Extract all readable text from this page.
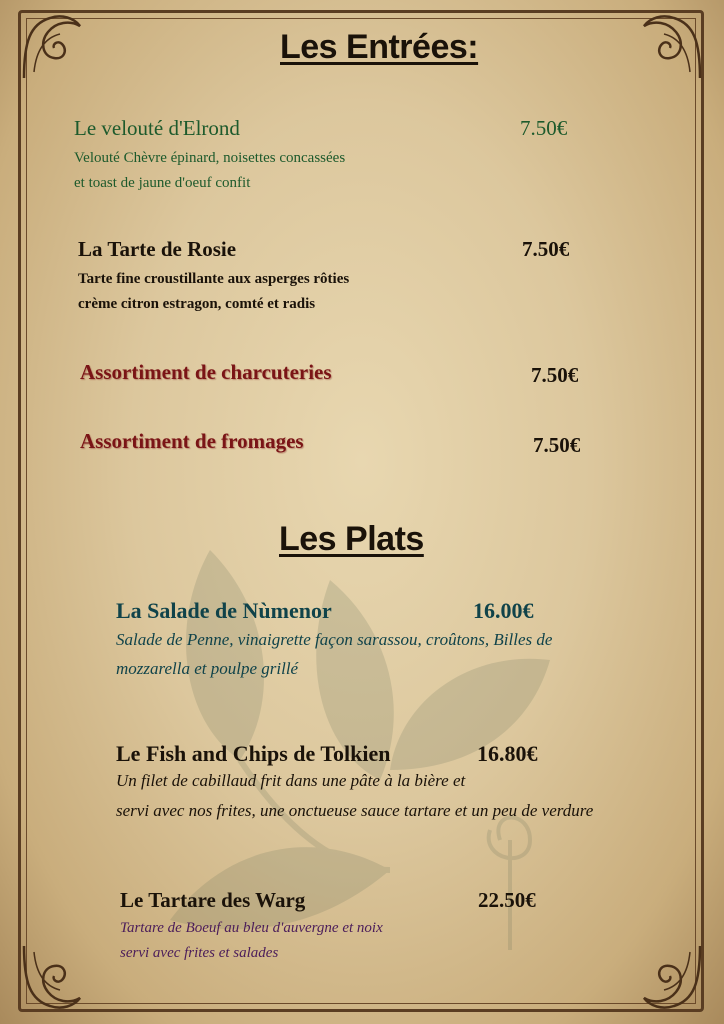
Les Entrées:
Le velouté d'Elrond	7.50€
Velouté Chèvre épinard, noisettes concassées
et toast de jaune d'oeuf confit
La Tarte de Rosie	7.50€
Tarte fine croustillante aux asperges rôties
crème citron estragon, comté et radis
Assortiment de charcuteries	7.50€
Assortiment de fromages	7.50€
Les Plats
La Salade de Nùmenor	16.00€
Salade de Penne, vinaigrette façon sarassou, croûtons, Billes de
mozzarella et poulpe grillé
Le Fish and Chips de Tolkien	16.80€
Un filet de cabillaud frit dans une pâte à la bière et
servi avec nos frites, une onctueuse sauce tartare et un peu de verdure
Le Tartare des Warg	22.50€
Tartare de Boeuf au bleu d'auvergne et noix
servi avec frites et salades
